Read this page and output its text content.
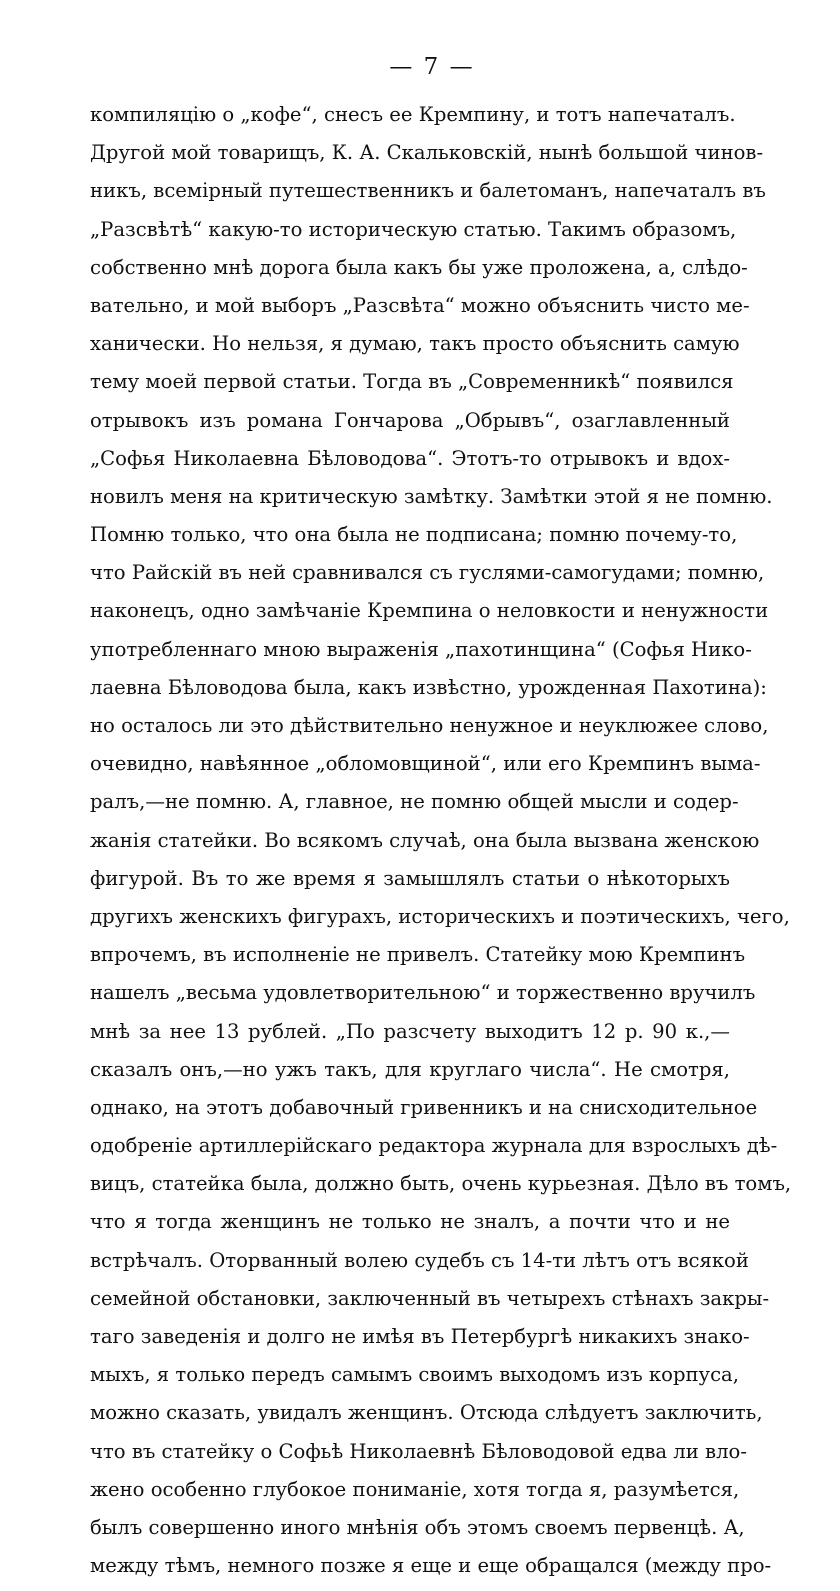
— 7 —
компиляцію о „кофе“, снесъ ее Кремпину, и тотъ напечаталъ.
Другой мой товарищъ, К. А. Скальковскій, нынѣ большой чинов-
никъ, всемірный путешественникъ и балетоманъ, напечаталъ въ
„Разсвѣтѣ“ какую-то историческую статью. Такимъ образомъ,
собственно мнѣ дорога была какъ бы уже проложена, а, слѣдо-
вательно, и мой выборъ „Разсвѣта“ можно объяснить чисто ме-
ханически. Но нельзя, я думаю, такъ просто объяснить самую
тему моей первой статьи. Тогда въ „Современникѣ“ появился
отрывокъ изъ романа Гончарова „Обрывъ“, озаглавленный
„Софья Николаевна Бѣловодова“. Этотъ-то отрывокъ и вдох-
новилъ меня на критическую замѣтку. Замѣтки этой я не помню.
Помню только, что она была не подписана; помню почему-то,
что Райскій въ ней сравнивался съ гуслями-самогудами; помню,
наконецъ, одно замѣчаніе Кремпина о неловкости и ненужности
употребленнаго мною выраженія „пахотинщина“ (Софья Нико-
лаевна Бѣловодова была, какъ извѣстно, урожденная Пахотина):
но осталось ли это дѣйствительно ненужное и неуклюжее слово,
очевидно, навѣянное „обломовщиной“, или его Кремпинъ выма-
ралъ,—не помню. А, главное, не помню общей мысли и содер-
жанія статейки. Во всякомъ случаѣ, она была вызвана женскою
фигурой. Въ то же время я замышлялъ статьи о нѣкоторыхъ
другихъ женскихъ фигурахъ, историческихъ и поэтическихъ, чего,
впрочемъ, въ исполненіе не привелъ. Статейку мою Кремпинъ
нашелъ „весьма удовлетворительною“ и торжественно вручилъ
мнѣ за нее 13 рублей. „По разсчету выходитъ 12 р. 90 к.,—
сказалъ онъ,—но ужъ такъ, для круглаго числа“. Не смотря,
однако, на этотъ добавочный гривенникъ и на снисходительное
одобреніе артиллерійскаго редактора журнала для взрослыхъ дѣ-
вицъ, статейка была, должно быть, очень курьезная. Дѣло въ томъ,
что я тогда женщинъ не только не зналъ, а почти что и не
встрѣчалъ. Оторванный волею судебъ съ 14-ти лѣтъ отъ всякой
семейной обстановки, заключенный въ четырехъ стѣнахъ закры-
таго заведенія и долго не имѣя въ Петербургѣ никакихъ знако-
мыхъ, я только передъ самымъ своимъ выходомъ изъ корпуса,
можно сказать, увидалъ женщинъ. Отсюда слѣдуетъ заключить,
что въ статейку о Софьѣ Николаевнѣ Бѣловодовой едва ли вло-
жено особенно глубокое пониманіе, хотя тогда я, разумѣется,
былъ совершенно иного мнѣнія объ этомъ своемъ первенцѣ. А,
между тѣмъ, немного позже я еще и еще обращался (между про-
